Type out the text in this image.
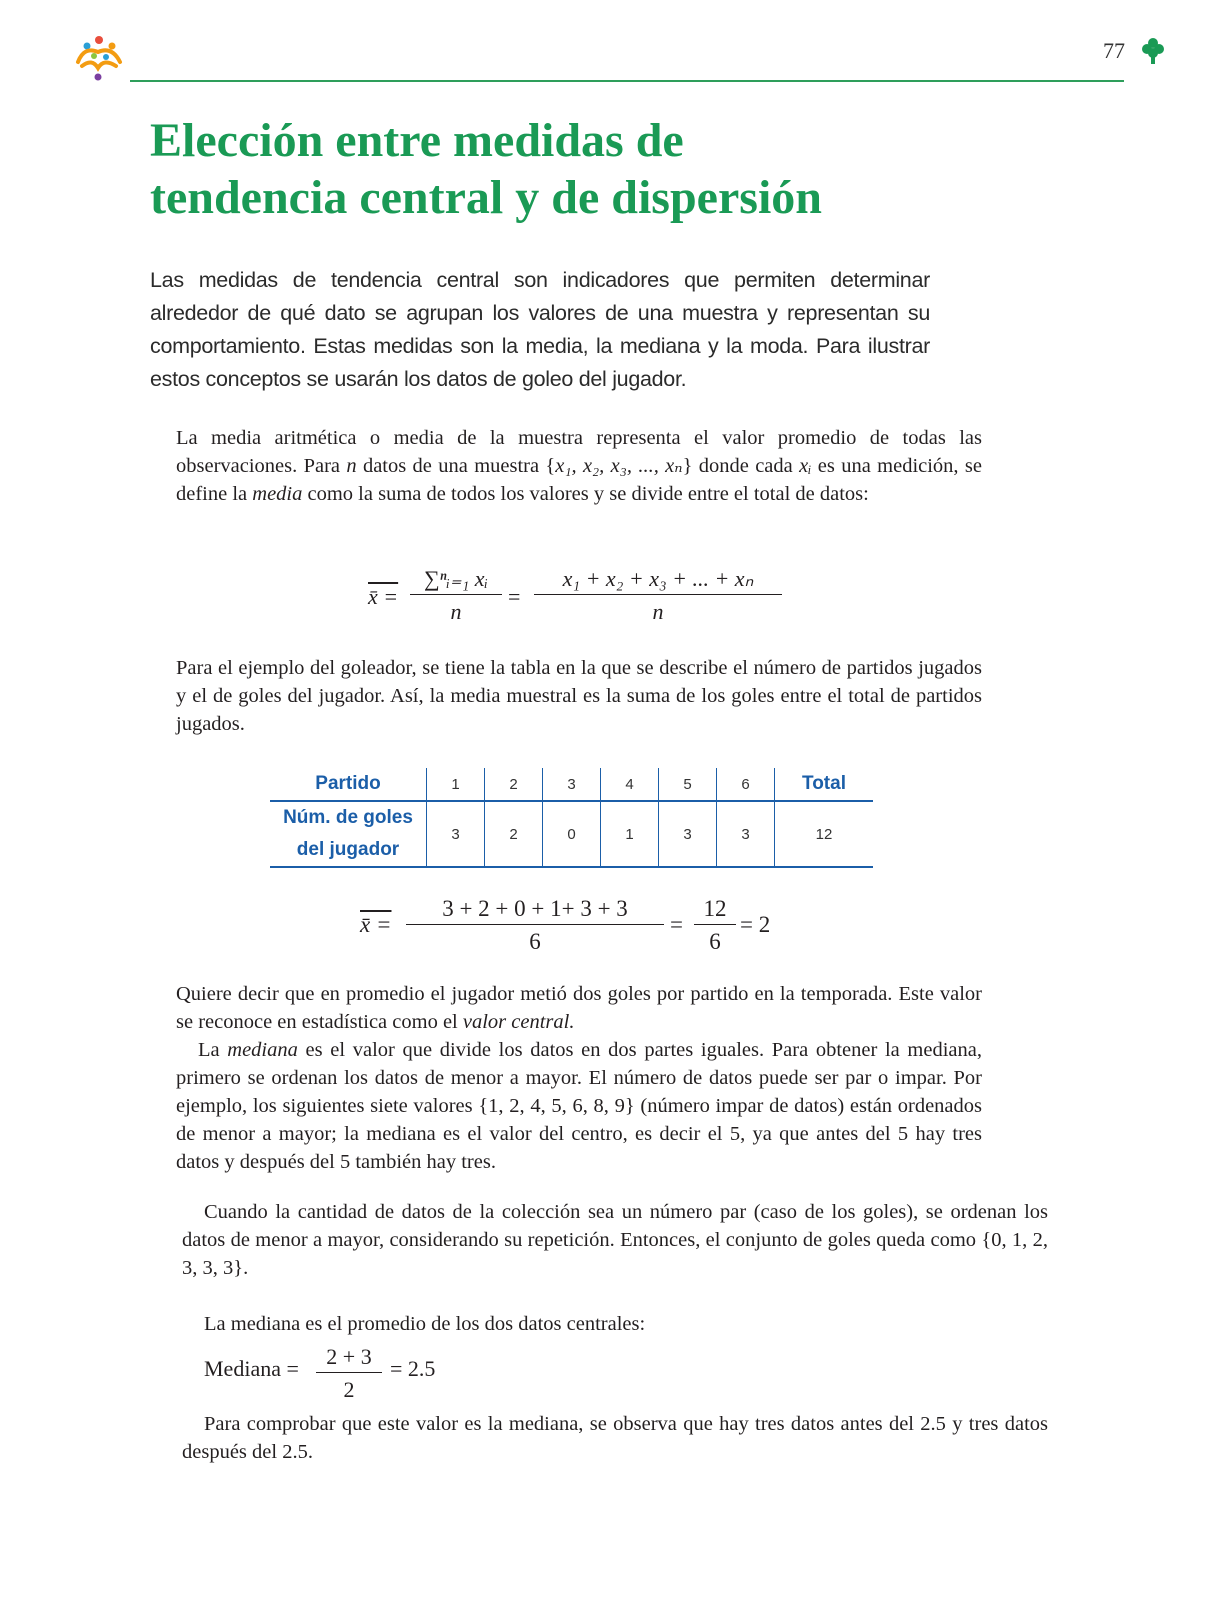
77
Elección entre medidas de
tendencia central y de dispersión

Las medidas de tendencia central son indicadores que permiten determinar alrededor de qué dato se agrupan los valores de una muestra y representan su comportamiento. Estas medidas son la media, la mediana y la moda. Para ilustrar estos conceptos se usarán los datos de goleo del jugador.

La media aritmética o media de la muestra representa el valor promedio de todas las observaciones. Para n datos de una muestra {x₁, x₂, x₃, ..., xₙ} donde cada xᵢ es una medición, se define la media como la suma de todos los valores y se divide entre el total de datos:

x̄ = $\frac{\text{∑ⁿᵢ₌₁ xᵢ}}{n} = \frac{\text{x₁ + x₂ + x₃ + ... + xₙ}}{n}$

Para el ejemplo del goleador, se tiene la tabla en la que se describe el número de partidos jugados y el de goles del jugador. Así, la media muestral es la suma de los goles entre el total de partidos jugados.

Partido	1	2	3	4	5	6	Total
Núm. de goles
del jugador	3	2	0	1	3	3	12
x̄ = $\frac{3 + 2 + 0 + 1+ 3 + 3}{6} = \frac{12}{6} = 2$

Quiere decir que en promedio el jugador metió dos goles por partido en la temporada. Este valor se reconoce en estadística como el valor central.
La mediana es el valor que divide los datos en dos partes iguales. Para obtener la mediana, primero se ordenan los datos de menor a mayor. El número de datos puede ser par o impar. Por ejemplo, los siguientes siete valores {1, 2, 4, 5, 6, 8, 9} (número impar de datos) están ordenados de menor a mayor; la mediana es el valor del centro, es decir el 5, ya que antes del 5 hay tres datos y después del 5 también hay tres.

Cuando la cantidad de datos de la colección sea un número par (caso de los goles), se ordenan los datos de menor a mayor, considerando su repetición. Entonces, el conjunto de goles queda como {0, 1, 2, 3, 3, 3}.

La mediana es el promedio de los dos datos centrales:

Mediana = $\frac{2 + 3}{2} = 2.5$

Para comprobar que este valor es la mediana, se observa que hay tres datos antes del 2.5 y tres datos después del 2.5.
